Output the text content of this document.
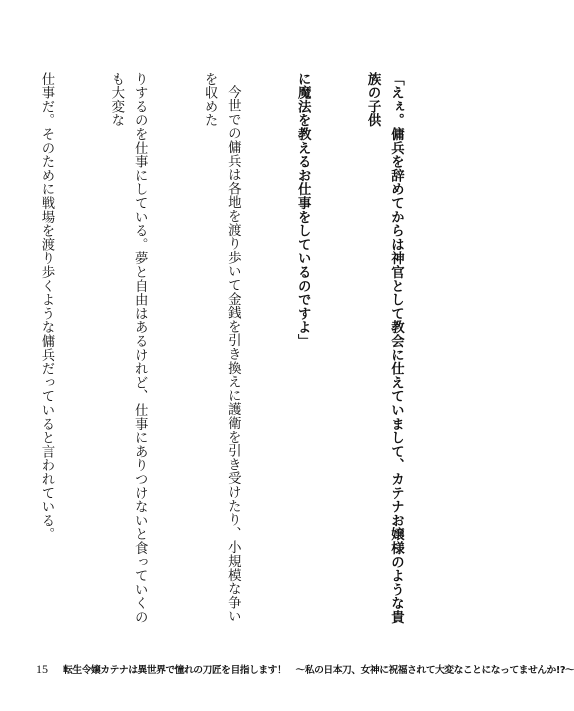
「えぇ。傭兵を辞めてからは神官として教会に仕えていまして、カテナお嬢様のような貴族の子供

に魔法を教えるお仕事をしているのですよ」

今世での傭兵は各地を渡り歩いて金銭を引き換えに護衛を引き受けたり、小規模な争いを収めた

りするのを仕事にしている。夢と自由はあるけれど、仕事にありつけないと食っていくのも大変な

仕事だ。そのために戦場を渡り歩くような傭兵だっていると言われている。

15 転生令嬢カテナは異世界で憧れの刀匠を目指します！　～私の日本刀、女神に祝福されて大変なことになってませんか!?～
